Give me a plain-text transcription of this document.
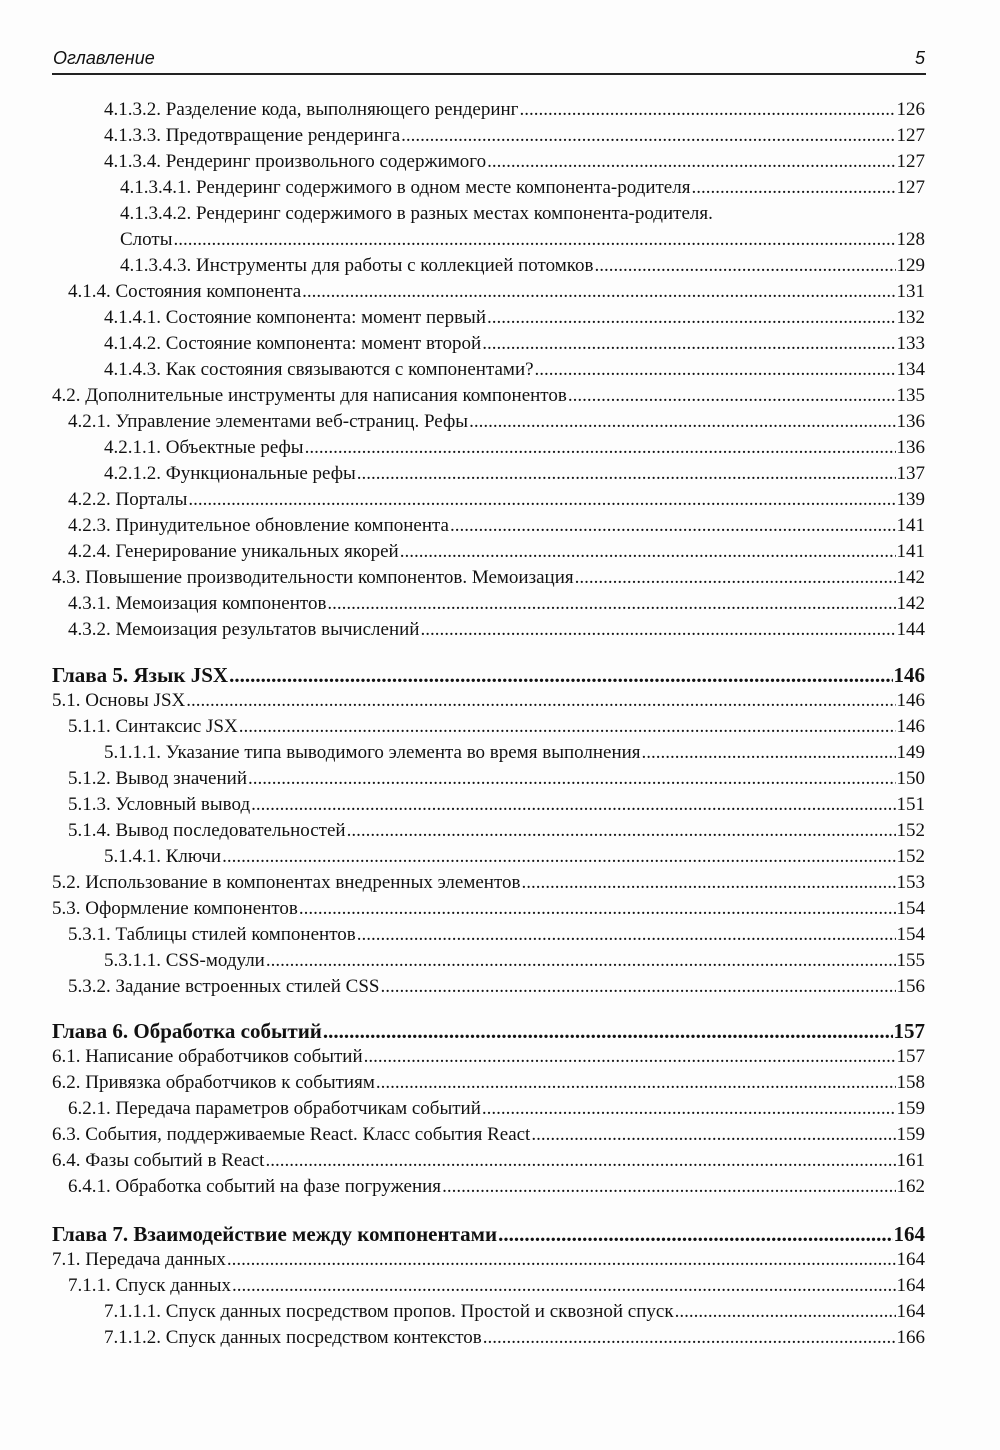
Оглавление	5
4.1.3.2. Разделение кода, выполняющего рендеринг .....	126
4.1.3.3. Предотвращение рендеринга .....	127
4.1.3.4. Рендеринг произвольного содержимого .....	127
4.1.3.4.1. Рендеринг содержимого в одном месте компонента-родителя .....	127
4.1.3.4.2. Рендеринг содержимого в разных местах компонента-родителя.
Слоты .....	128
4.1.3.4.3. Инструменты для работы с коллекцией потомков .....	129
4.1.4. Состояния компонента .....	131
4.1.4.1. Состояние компонента: момент первый .....	132
4.1.4.2. Состояние компонента: момент второй .....	133
4.1.4.3. Как состояния связываются с компонентами? .....	134
4.2. Дополнительные инструменты для написания компонентов .....	135
4.2.1. Управление элементами веб-страниц. Рефы .....	136
4.2.1.1. Объектные рефы .....	136
4.2.1.2. Функциональные рефы .....	137
4.2.2. Порталы .....	139
4.2.3. Принудительное обновление компонента .....	141
4.2.4. Генерирование уникальных якорей .....	141
4.3. Повышение производительности компонентов. Мемоизация .....	142
4.3.1. Мемоизация компонентов .....	142
4.3.2. Мемоизация результатов вычислений .....	144
Глава 5. Язык JSX .....	146
5.1. Основы JSX .....	146
5.1.1. Синтаксис JSX .....	146
5.1.1.1. Указание типа выводимого элемента во время выполнения .....	149
5.1.2. Вывод значений .....	150
5.1.3. Условный вывод .....	151
5.1.4. Вывод последовательностей .....	152
5.1.4.1. Ключи .....	152
5.2. Использование в компонентах внедренных элементов .....	153
5.3. Оформление компонентов .....	154
5.3.1. Таблицы стилей компонентов .....	154
5.3.1.1. CSS-модули .....	155
5.3.2. Задание встроенных стилей CSS .....	156
Глава 6. Обработка событий .....	157
6.1. Написание обработчиков событий .....	157
6.2. Привязка обработчиков к событиям .....	158
6.2.1. Передача параметров обработчикам событий .....	159
6.3. События, поддерживаемые React. Класс события React .....	159
6.4. Фазы событий в React .....	161
6.4.1. Обработка событий на фазе погружения .....	162
Глава 7. Взаимодействие между компонентами .....	164
7.1. Передача данных .....	164
7.1.1. Спуск данных .....	164
7.1.1.1. Спуск данных посредством пропов. Простой и сквозной спуск .....	164
7.1.1.2. Спуск данных посредством контекстов .....	166
